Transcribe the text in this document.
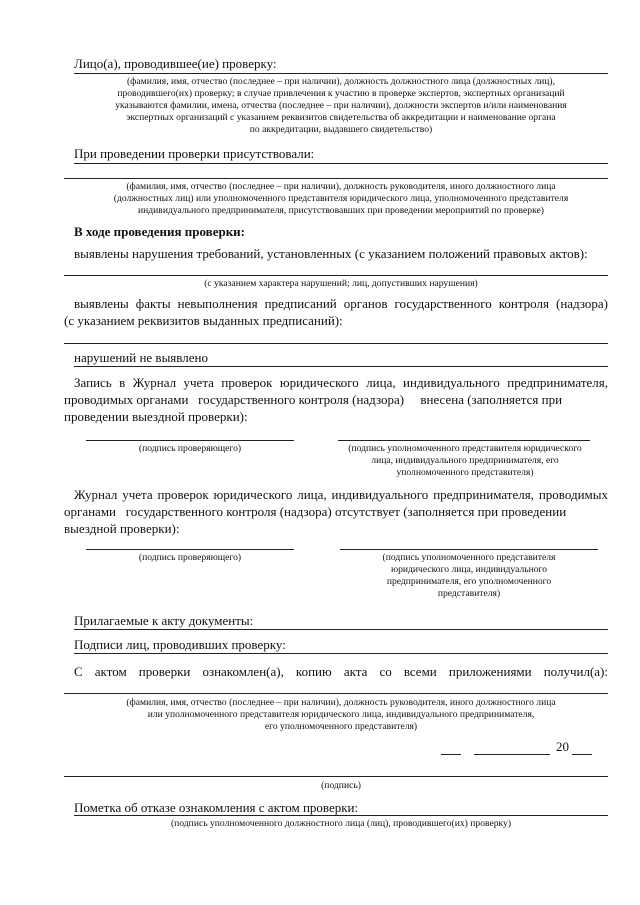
Лицо(а), проводившее(ие) проверку:
(фамилия, имя, отчество (последнее – при наличии), должность должностного лица (должностных лиц),
проводившего(их) проверку; в случае привлечения к участию в проверке экспертов, экспертных организаций
указываются фамилии, имена, отчества (последнее – при наличии), должности экспертов и/или наименования
экспертных организаций с указанием реквизитов свидетельства об аккредитации и наименование органа
по аккредитации, выдавшего свидетельство)
При проведении проверки присутствовали:
(фамилия, имя, отчество (последнее – при наличии), должность руководителя, иного должностного лица
(должностных лиц) или уполномоченного представителя юридического лица, уполномоченного представителя
индивидуального предпринимателя, присутствовавших при проведении мероприятий по проверке)
В ходе проведения проверки:
выявлены нарушения требований, установленных (с указанием положений правовых актов):
(с указанием характера нарушений; лиц, допустивших нарушения)
выявлены факты невыполнения предписаний органов государственного контроля (надзора)
(с указанием реквизитов выданных предписаний):
нарушений не выявлено
Запись в Журнал учета проверок юридического лица, индивидуального предпринимателя,
проводимых органами   государственного контроля (надзора)     внесена (заполняется при
проведении выездной проверки):
(подпись проверяющего)	(подпись уполномоченного представителя юридического
лица, индивидуального предпринимателя, его
уполномоченного представителя)
Журнал учета проверок юридического лица, индивидуального предпринимателя, проводимых
органами   государственного контроля (надзора) отсутствует (заполняется при проведении
выездной проверки):
(подпись проверяющего)	(подпись уполномоченного представителя
юридического лица, индивидуального
предпринимателя, его уполномоченного
представителя)
Прилагаемые к акту документы:
Подписи лиц, проводивших проверку:
С актом проверки ознакомлен(а), копию акта со всеми приложениями получил(а):
(фамилия, имя, отчество (последнее – при наличии), должность руководителя, иного должностного лица
или уполномоченного представителя юридического лица, индивидуального предпринимателя,
его уполномоченного представителя)
20
(подпись)
Пометка об отказе ознакомления с актом проверки:
(подпись уполномоченного должностного лица (лиц), проводившего(их) проверку)
